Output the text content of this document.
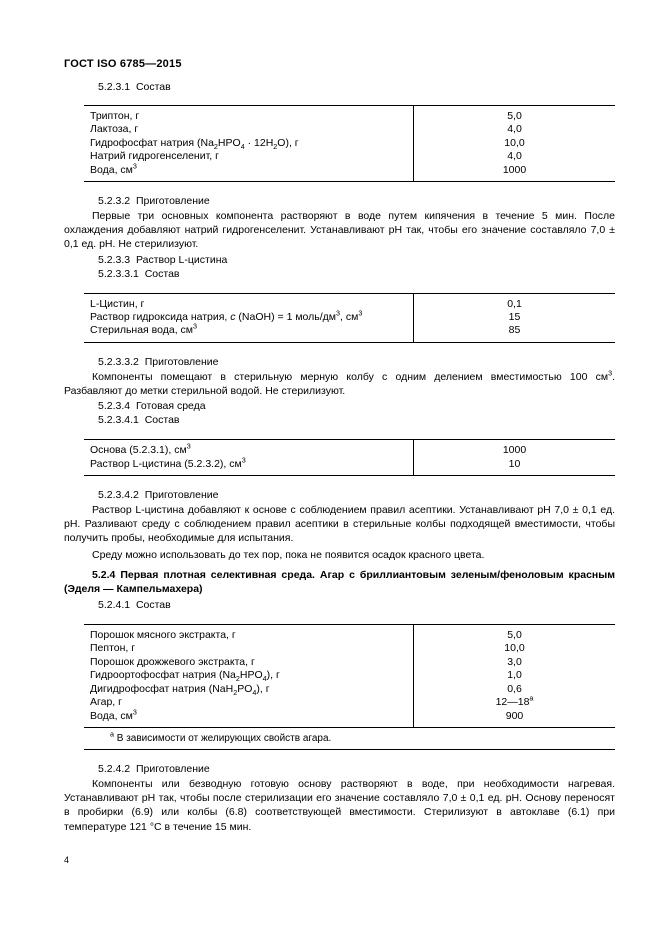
ГОСТ ISO 6785—2015
5.2.3.1  Состав
Триптон, г
Лактоза, г
Гидрофосфат натрия $(Na_2HPO_4 \cdot 12H_2O)$, г
Натрий гидрогенселенит, г
Вода, $см^3$
5,0
4,0
10,0
4,0
1000
5.2.3.2  Приготовление
Первые три основных компонента растворяют в воде путем кипячения в течение 5 мин. После охлаждения добавляют натрий гидрогенселенит. Устанавливают рН так, чтобы его значение составляло 7,0 ± 0,1 ед. рН. Не стерилизуют.
5.2.3.3  Раствор L-цистина
5.2.3.3.1  Состав
L-Цистин, г
Раствор гидроксида натрия, с (NaOH) = 1 моль/$дм^3$, $см^3$
Стерильная вода, $см^3$
0,1
15
85
5.2.3.3.2  Приготовление
Компоненты помещают в стерильную мерную колбу с одним делением вместимостью 100 $см^3$. Разбавляют до метки стерильной водой. Не стерилизуют.
5.2.3.4  Готовая среда
5.2.3.4.1  Состав
Основа (5.2.3.1), $см^3$
Раствор L-цистина (5.2.3.2), $см^3$
1000
10
5.2.3.4.2  Приготовление
Раствор L-цистина добавляют к основе с соблюдением правил асептики. Устанавливают рН 7,0 ± 0,1 ед. рН. Разливают среду с соблюдением правил асептики в стерильные колбы подходящей вместимости, чтобы получить пробы, необходимые для испытания.
Среду можно использовать до тех пор, пока не появится осадок красного цвета.
5.2.4 Первая плотная селективная среда. Агар с бриллиантовым зеленым/феноловым красным (Эделя — Кампельмахера)
5.2.4.1  Состав
Порошок мясного экстракта, г
Пептон, г
Порошок дрожжевого экстракта, г
Гидроортофосфат натрия $(Na_2HPO_4)$, г
Дигидрофосфат натрия $(NaH_2PO_4)$, г
Агар, г
Вода, $см^3$
5,0
10,0
3,0
1,0
0,6
$12—18^а$
900
$^а$ В зависимости от желирующих свойств агара.
5.2.4.2  Приготовление
Компоненты или безводную готовую основу растворяют в воде, при необходимости нагревая. Устанавливают рН так, чтобы после стерилизации его значение составляло 7,0 ± 0,1 ед. рН. Основу переносят в пробирки (6.9) или колбы (6.8) соответствующей вместимости. Стерилизуют в автоклаве (6.1) при температуре 121 °С в течение 15 мин.
4
